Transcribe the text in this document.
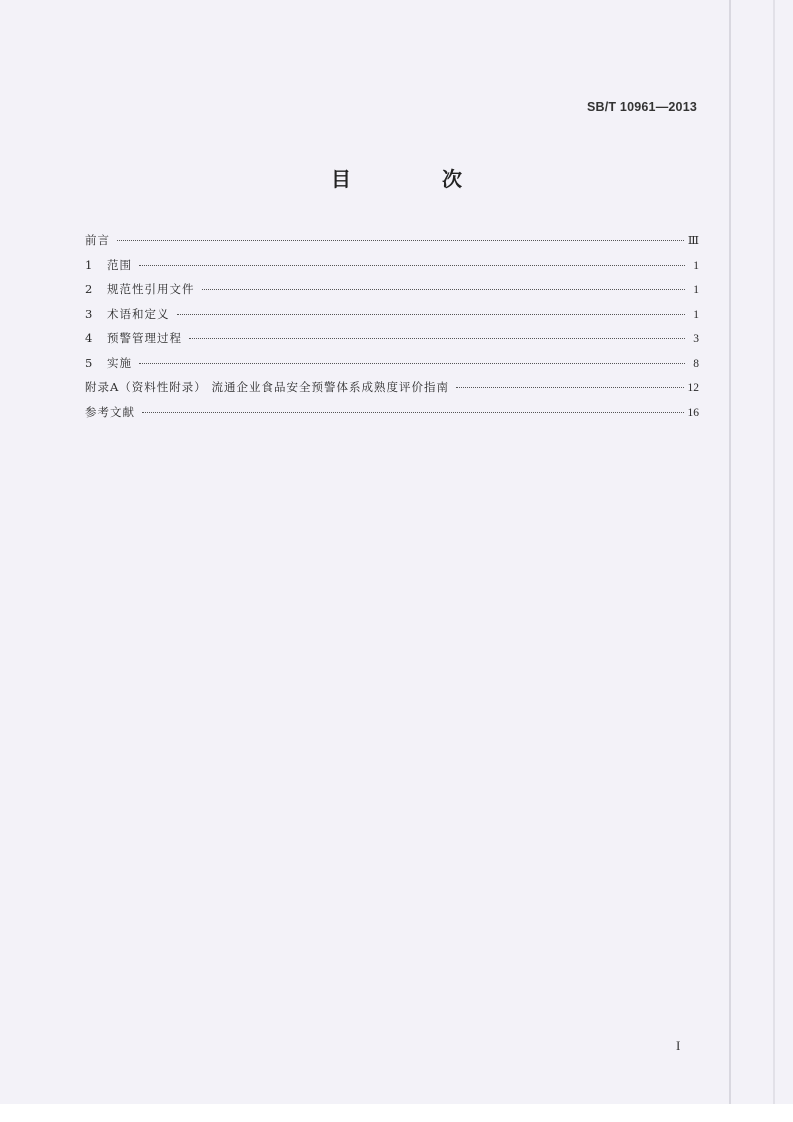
SB/T 10961—2013
目 次
前言	Ⅲ
1	范围	1
2	规范性引用文件	1
3	术语和定义	1
4	预警管理过程	3
5	实施	8
附录A（资料性附录） 流通企业食品安全预警体系成熟度评价指南	12
参考文献	16
I
